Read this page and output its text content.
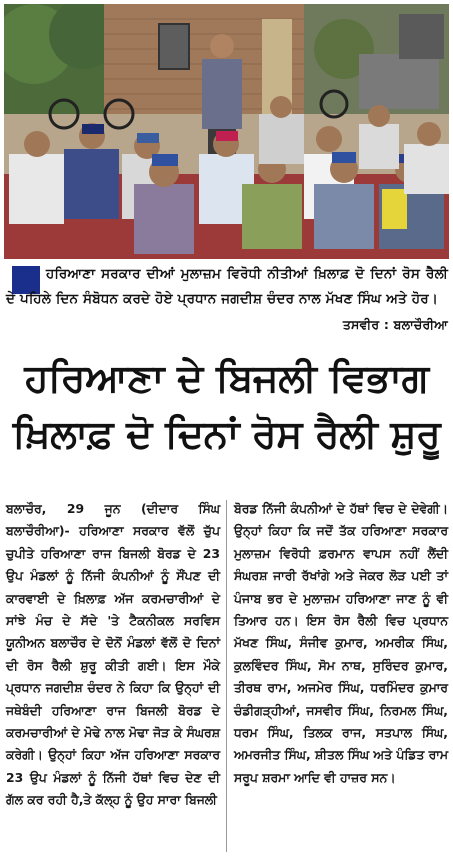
ਹਰਿਆਣਾ ਸਰਕਾਰ ਦੀਆਂ ਮੁਲਾਜ਼ਮ ਵਿਰੋਧੀ ਨੀਤੀਆਂ ਖ਼ਿਲਾਫ਼ ਦੋ ਦਿਨਾਂ ਰੋਸ ਰੈਲੀ ਦੇ ਪਹਿਲੇ ਦਿਨ ਸੰਬੋਧਨ ਕਰਦੇ ਹੋਏ ਪ੍ਰਧਾਨ ਜਗਦੀਸ਼ ਚੰਦਰ ਨਾਲ ਮੱਖਣ ਸਿੰਘ ਅਤੇ ਹੋਰ।
ਤਸਵੀਰ : ਬਲਾਚੌਰੀਆ
ਹਰਿਆਣਾ ਦੇ ਬਿਜਲੀ ਵਿਭਾਗ
ਖ਼ਿਲਾਫ਼ ਦੋ ਦਿਨਾਂ ਰੋਸ ਰੈਲੀ ਸ਼ੁਰੂ
ਬਲਾਚੌਰ, 29 ਜੂਨ (ਦੀਦਾਰ ਸਿੰਘ ਬਲਾਚੌਰੀਆ)- ਹਰਿਆਣਾ ਸਰਕਾਰ ਵੱਲੋਂ ਚੁੱਪ ਚੁਪੀਤੇ ਹਰਿਆਣਾ ਰਾਜ ਬਿਜਲੀ ਬੋਰਡ ਦੇ 23 ਉਪ ਮੰਡਲਾਂ ਨੂੰ ਨਿੱਜੀ ਕੰਪਨੀਆਂ ਨੂੰ ਸੌਂਪਣ ਦੀ ਕਾਰਵਾਈ ਦੇ ਖ਼ਿਲਾਫ਼ ਅੱਜ ਕਰਮਚਾਰੀਆਂ ਦੇ ਸਾਂਝੇ ਮੰਚ ਦੇ ਸੱਦੇ 'ਤੇ ਟੈਕਨੀਕਲ ਸਰਵਿਸ ਯੂਨੀਅਨ ਬਲਾਚੌਰ ਦੇ ਦੋਨੋਂ ਮੰਡਲਾਂ ਵੱਲੋਂ ਦੋ ਦਿਨਾਂ ਦੀ ਰੋਸ ਰੈਲੀ ਸ਼ੁਰੂ ਕੀਤੀ ਗਈ। ਇਸ ਮੌਕੇ ਪ੍ਰਧਾਨ ਜਗਦੀਸ਼ ਚੰਦਰ ਨੇ ਕਿਹਾ ਕਿ ਉਨ੍ਹਾਂ ਦੀ ਜਥੇਬੰਦੀ ਹਰਿਆਣਾ ਰਾਜ ਬਿਜਲੀ ਬੋਰਡ ਦੇ ਕਰਮਚਾਰੀਆਂ ਦੇ ਮੋਢੇ ਨਾਲ ਮੋਢਾ ਜੋੜ ਕੇ ਸੰਘਰਸ਼ ਕਰੇਗੀ। ਉਨ੍ਹਾਂ ਕਿਹਾ ਅੱਜ ਹਰਿਆਣਾ ਸਰਕਾਰ 23 ਉਪ ਮੰਡਲਾਂ ਨੂੰ ਨਿੱਜੀ ਹੱਥਾਂ ਵਿਚ ਦੇਣ ਦੀ ਗੱਲ ਕਰ ਰਹੀ ਹੈ,ਤੇ ਕੱਲ੍ਹ ਨੂੰ ਉਹ ਸਾਰਾ ਬਿਜਲੀ
ਬੋਰਡ ਨਿੱਜੀ ਕੰਪਨੀਆਂ ਦੇ ਹੱਥਾਂ ਵਿਚ ਦੇ ਦੇਵੇਗੀ। ਉਨ੍ਹਾਂ ਕਿਹਾ ਕਿ ਜਦੋਂ ਤੱਕ ਹਰਿਆਣਾ ਸਰਕਾਰ ਮੁਲਾਜ਼ਮ ਵਿਰੋਧੀ ਫ਼ਰਮਾਨ ਵਾਪਸ ਨਹੀਂ ਲੈਂਦੀ ਸੰਘਰਸ਼ ਜਾਰੀ ਰੱਖਾਂਗੇ ਅਤੇ ਜੇਕਰ ਲੋੜ ਪਈ ਤਾਂ ਪੰਜਾਬ ਭਰ ਦੇ ਮੁਲਾਜ਼ਮ ਹਰਿਆਣਾ ਜਾਣ ਨੂੰ ਵੀ ਤਿਆਰ ਹਨ। ਇਸ ਰੋਸ ਰੈਲੀ ਵਿਚ ਪ੍ਰਧਾਨ ਮੱਖਣ ਸਿੰਘ, ਸੰਜੀਵ ਕੁਮਾਰ, ਅਮਰੀਕ ਸਿੰਘ, ਕੁਲਵਿੰਦਰ ਸਿੰਘ, ਸੋਮ ਨਾਥ, ਸੁਰਿੰਦਰ ਕੁਮਾਰ, ਤੀਰਥ ਰਾਮ, ਅਜਮੇਰ ਸਿੰਘ, ਧਰਮਿੰਦਰ ਕੁਮਾਰ ਚੰਡੀਗੜ੍ਹੀਆਂ, ਜਸਵੀਰ ਸਿੰਘ, ਨਿਰਮਲ ਸਿੰਘ, ਧਰਮ ਸਿੰਘ, ਤਿਲਕ ਰਾਜ, ਸਤਪਾਲ ਸਿੰਘ, ਅਮਰਜੀਤ ਸਿੰਘ, ਸ਼ੀਤਲ ਸਿੰਘ ਅਤੇ ਪੰਡਿਤ ਰਾਮ ਸਰੂਪ ਸ਼ਰਮਾ ਆਦਿ ਵੀ ਹਾਜ਼ਰ ਸਨ।
